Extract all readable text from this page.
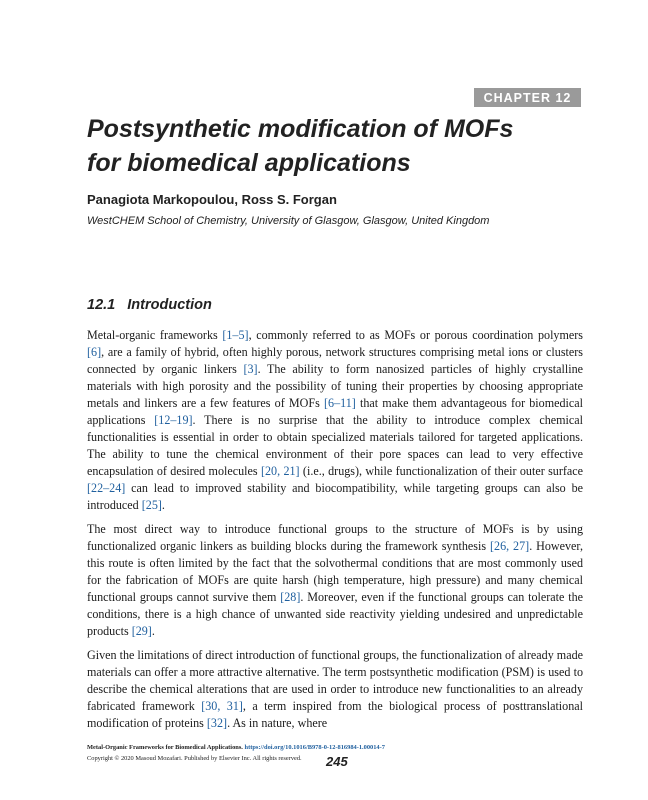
CHAPTER 12
Postsynthetic modification of MOFs
for biomedical applications
Panagiota Markopoulou, Ross S. Forgan
WestCHEM School of Chemistry, University of Glasgow, Glasgow, United Kingdom
12.1 Introduction

Metal-organic frameworks [1–5], commonly referred to as MOFs or porous coordination polymers [6], are a family of hybrid, often highly porous, network structures comprising metal ions or clusters connected by organic linkers [3]. The ability to form nanosized particles of highly crystalline materials with high porosity and the possibility of tuning their properties by choosing appropriate metals and linkers are a few features of MOFs [6–11] that make them advantageous for biomedical applications [12–19]. There is no surprise that the ability to introduce complex chemical functionalities is essential in order to obtain specialized materials tailored for targeted applications. The ability to tune the chemical environment of their pore spaces can lead to very effective encapsulation of desired molecules [20, 21] (i.e., drugs), while functionalization of their outer surface [22–24] can lead to improved stability and biocompatibility, while targeting groups can also be introduced [25].

The most direct way to introduce functional groups to the structure of MOFs is by using functionalized organic linkers as building blocks during the framework synthesis [26, 27]. However, this route is often limited by the fact that the solvothermal conditions that are most commonly used for the fabrication of MOFs are quite harsh (high temperature, high pressure) and many chemical functional groups cannot survive them [28]. Moreover, even if the functional groups can tolerate the conditions, there is a high chance of unwanted side reactivity yielding undesired and unpredictable products [29].

Given the limitations of direct introduction of functional groups, the functionalization of already made materials can offer a more attractive alternative. The term postsynthetic modification (PSM) is used to describe the chemical alterations that are used in order to introduce new functionalities to an already fabricated framework [30, 31], a term inspired from the biological process of posttranslational modification of proteins [32]. As in nature, where

Metal-Organic Frameworks for Biomedical Applications. https://doi.org/10.1016/B978-0-12-816984-1.00014-7
Copyright © 2020 Masoud Mozafari. Published by Elsevier Inc. All rights reserved. 245
